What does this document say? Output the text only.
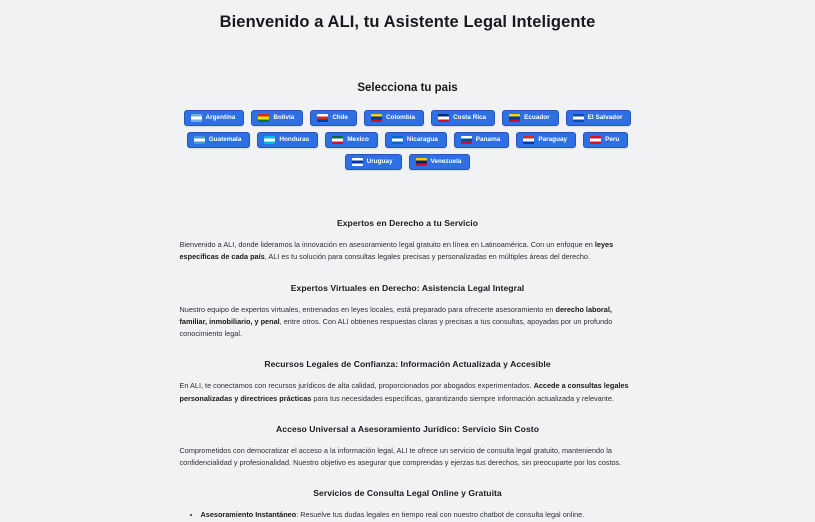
Bienvenido a ALI, tu Asistente Legal Inteligente
Selecciona tu pais
Argentina	Bolivia	Chile	Colombia	Costa Rica	Ecuador	El Salvador
Guatemala	Honduras	Mexico	Nicaragua	Panama	Paraguay	Peru
Uruguay	Venezuela
Expertos en Derecho a tu Servicio

Bienvenido a ALI, donde lideramos la innovación en asesoramiento legal gratuito en línea en Latinoamérica. Con un enfoque en leyes específicas de cada país, ALI es tu solución para consultas legales precisas y personalizadas en múltiples áreas del derecho.

Expertos Virtuales en Derecho: Asistencia Legal Integral

Nuestro equipo de expertos virtuales, entrenados en leyes locales, está preparado para ofrecerte asesoramiento en derecho laboral, familiar, inmobiliario, y penal, entre otros. Con ALI obtienes respuestas claras y precisas a tus consultas, apoyadas por un profundo conocimiento legal.

Recursos Legales de Confianza: Información Actualizada y Accesible

En ALI, te conectamos con recursos jurídicos de alta calidad, proporcionados por abogados experimentados. Accede a consultas legales personalizadas y directrices prácticas para tus necesidades específicas, garantizando siempre información actualizada y relevante.

Acceso Universal a Asesoramiento Jurídico: Servicio Sin Costo

Comprometidos con democratizar el acceso a la información legal, ALI te ofrece un servicio de consulta legal gratuito, manteniendo la confidencialidad y profesionalidad. Nuestro objetivo es asegurar que comprendas y ejerzas tus derechos, sin preocuparte por los costos.

Servicios de Consulta Legal Online y Gratuita
• Asesoramiento Instantáneo: Resuelve tus dudas legales en tiempo real con nuestro chatbot de consulta legal online.
